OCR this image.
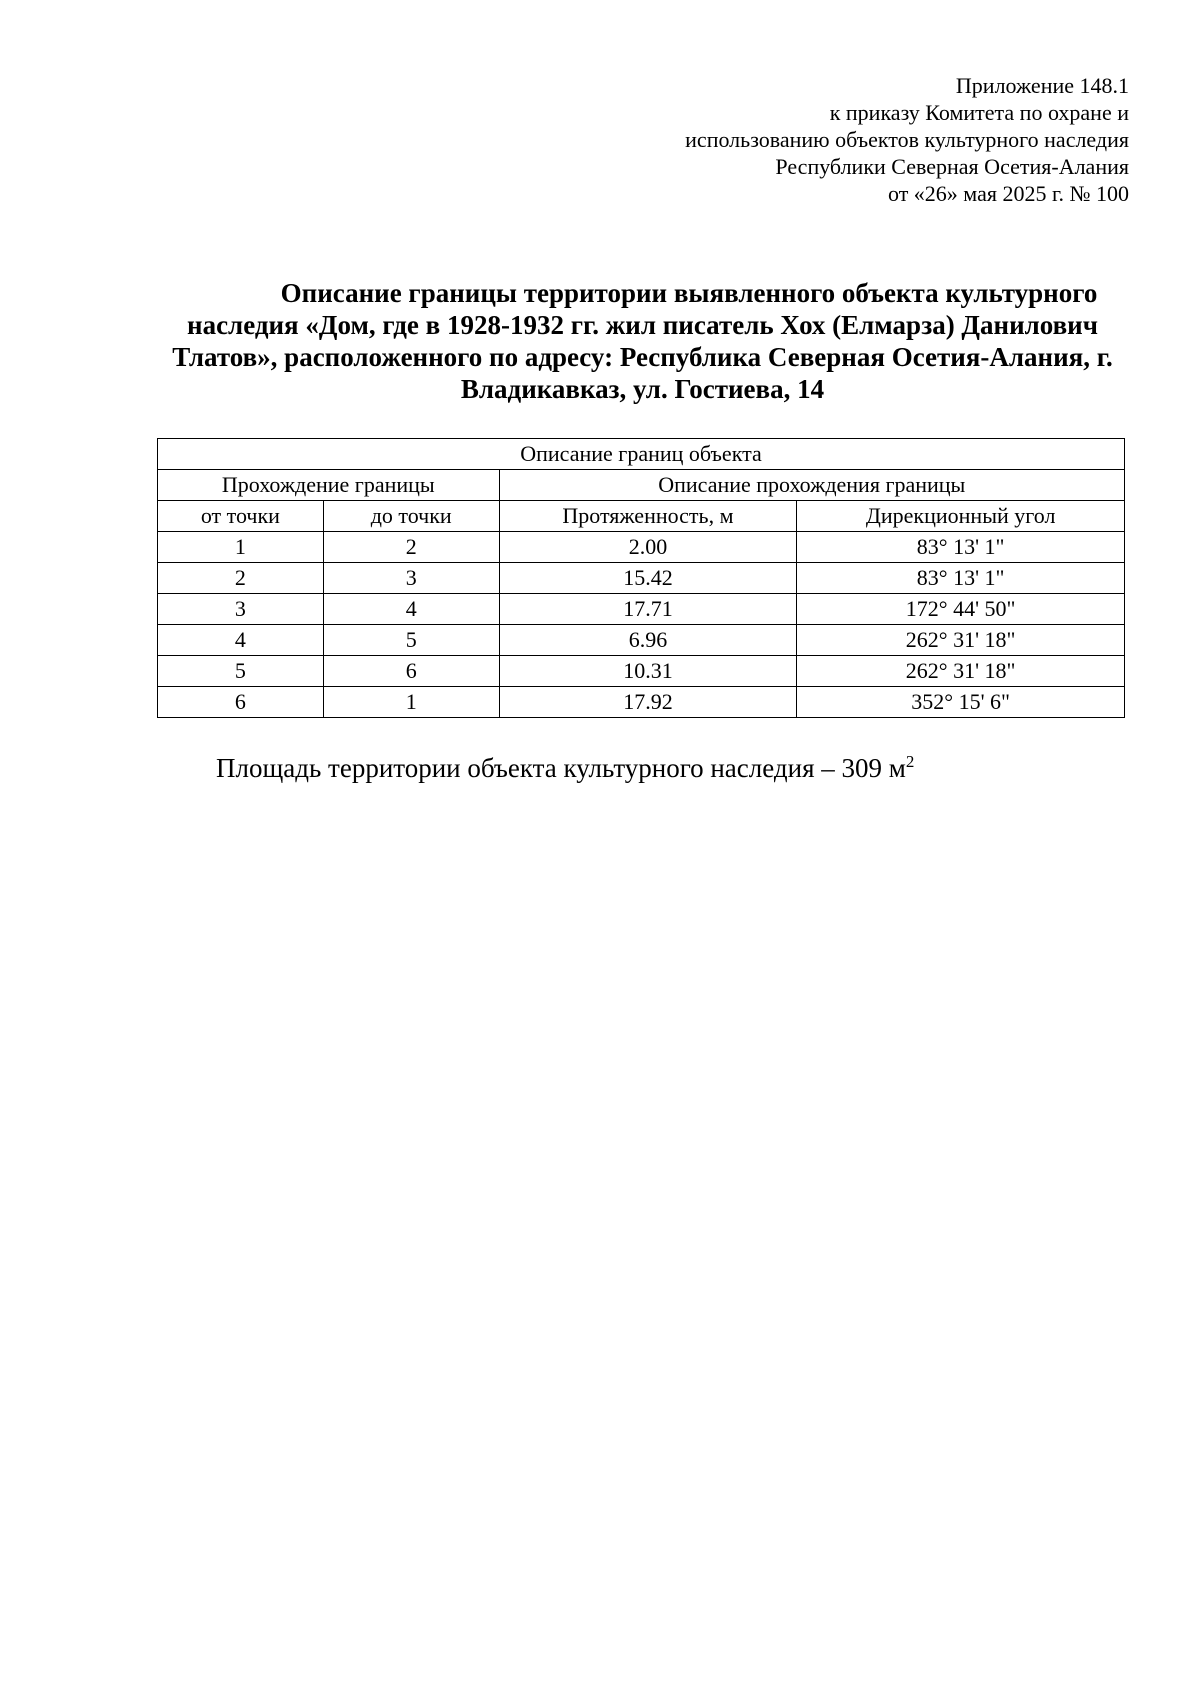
Приложение 148.1
к приказу Комитета по охране и
использованию объектов культурного наследия
Республики Северная Осетия-Алания
от «26» мая 2025 г. № 100
Описание границы территории выявленного объекта культурного наследия «Дом, где в 1928-1932 гг. жил писатель Хох (Елмарза) Данилович Тлатов», расположенного по адресу: Республика Северная Осетия-Алания, г. Владикавказ, ул. Гостиева, 14
Описание границ объекта			
Прохождение границы		Описание прохождения границы	
от точки	до точки	Протяженность, м	Дирекционный угол
1	2	2.00	83° 13' 1"
2	3	15.42	83° 13' 1"
3	4	17.71	172° 44' 50"
4	5	6.96	262° 31' 18"
5	6	10.31	262° 31' 18"
6	1	17.92	352° 15' 6"
Площадь территории объекта культурного наследия – 309 $м^2$
